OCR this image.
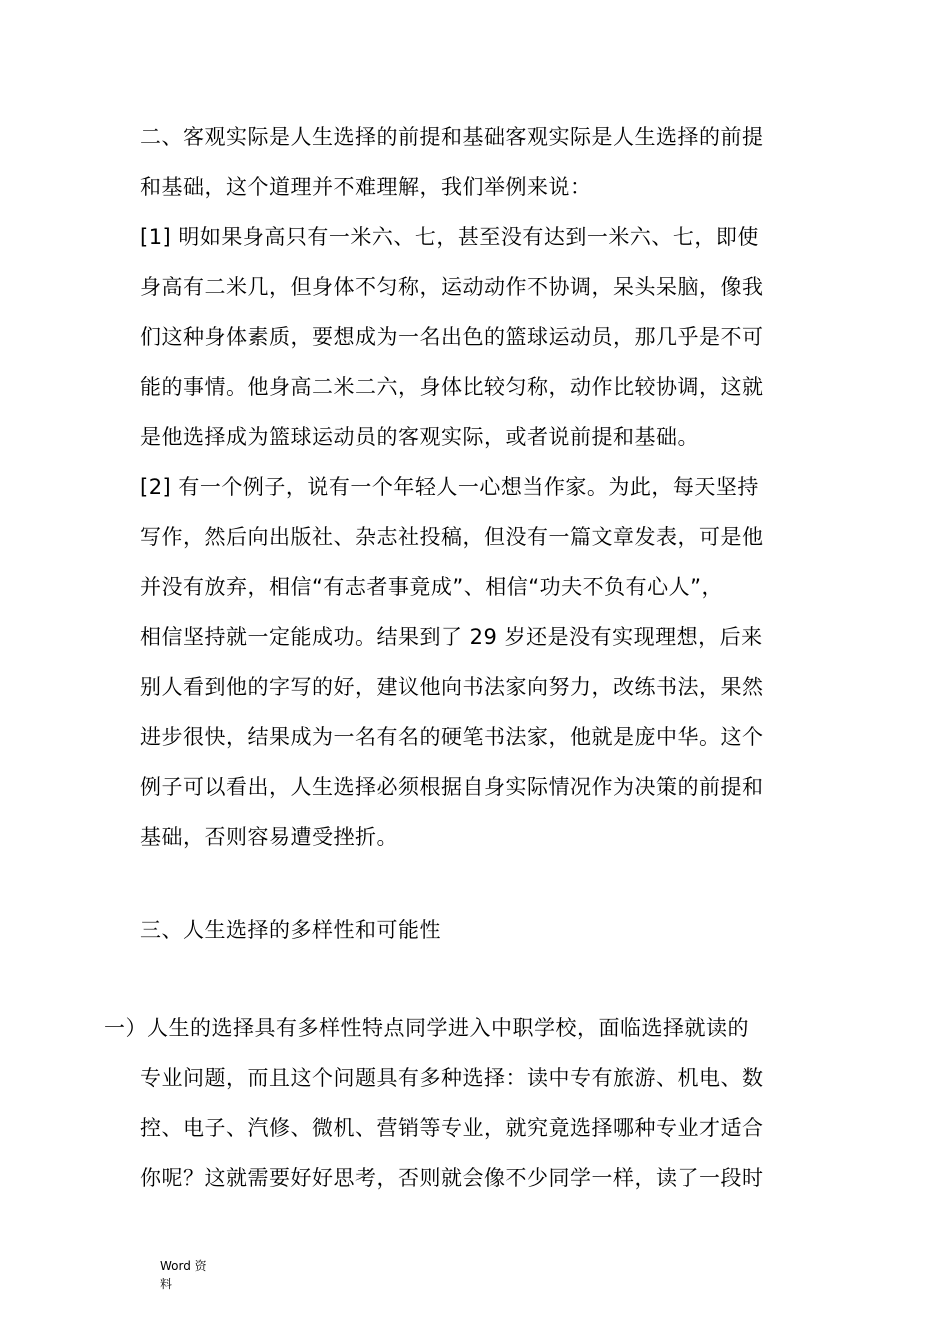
二、客观实际是人生选择的前提和基础客观实际是人生选择的前提
和基础，这个道理并不难理解，我们举例来说：
[1] 明如果身高只有一米六、七，甚至没有达到一米六、七，即使
身高有二米几，但身体不匀称，运动动作不协调，呆头呆脑，像我
们这种身体素质，要想成为一名出色的篮球运动员，那几乎是不可
能的事情。他身高二米二六，身体比较匀称，动作比较协调，这就
是他选择成为篮球运动员的客观实际，或者说前提和基础。
[2] 有一个例子，说有一个年轻人一心想当作家。为此，每天坚持
写作，然后向出版社、杂志社投稿，但没有一篇文章发表，可是他
并没有放弃，相信“有志者事竟成”、相信“功夫不负有心人”，
相信坚持就一定能成功。结果到了 29 岁还是没有实现理想，后来
别人看到他的字写的好，建议他向书法家向努力，改练书法，果然
进步很快，结果成为一名有名的硬笔书法家，他就是庞中华。这个
例子可以看出，人生选择必须根据自身实际情况作为决策的前提和
基础，否则容易遭受挫折。
三、人生选择的多样性和可能性
一）人生的选择具有多样性特点同学进入中职学校，面临选择就读的
专业问题，而且这个问题具有多种选择：读中专有旅游、机电、数
控、电子、汽修、微机、营销等专业，就究竟选择哪种专业才适合
你呢？这就需要好好思考，否则就会像不少同学一样，读了一段时
Word 资
料
